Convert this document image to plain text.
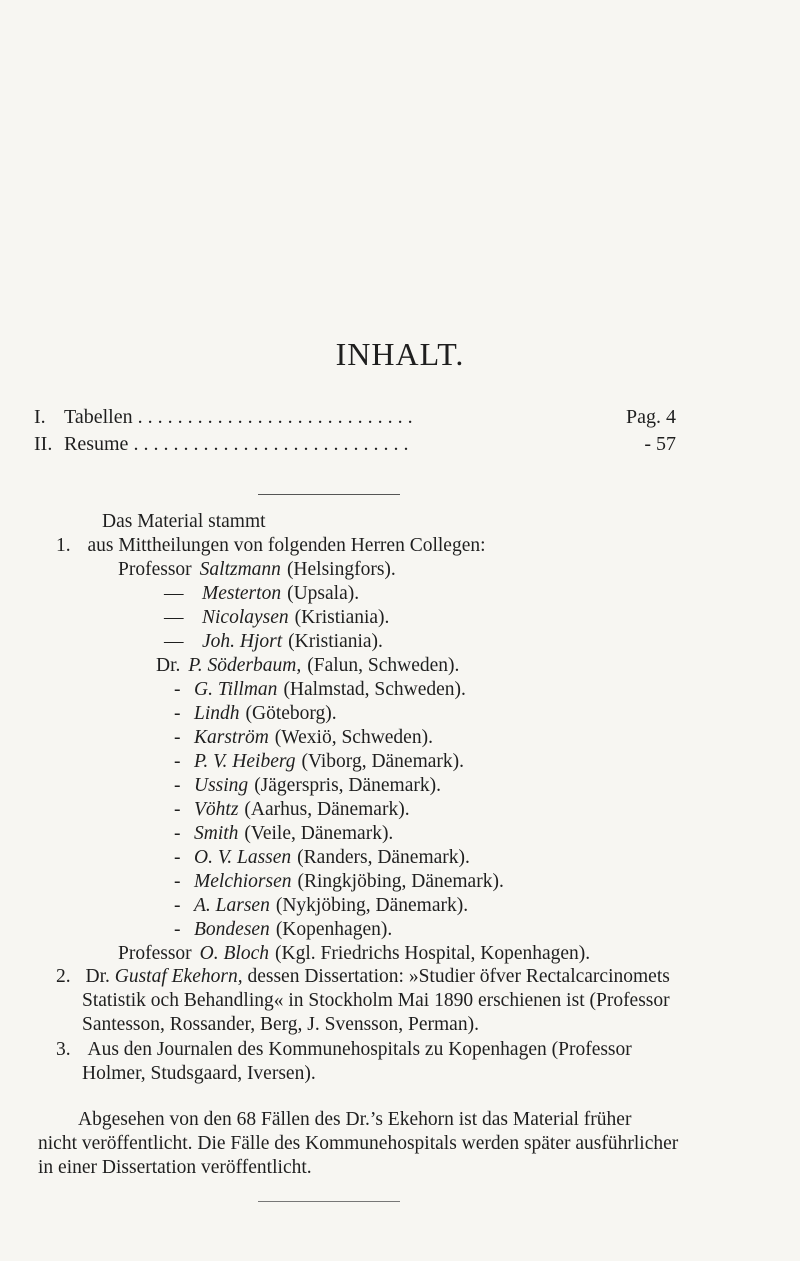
INHALT.
I. Tabellen . . . . . . . . . . . . . . . . . . . . . . . . . . . .	Pag. 4
II. Resume . . . . . . . . . . . . . . . . . . . . . . . . . . . .	- 57
Das Material stammt
1. aus Mittheilungen von folgenden Herren Collegen:
Professor Saltzmann (Helsingfors).
— Mesterton (Upsala).
— Nicolaysen (Kristiania).
— Joh. Hjort (Kristiania).
Dr. P. Söderbaum, (Falun, Schweden).
- G. Tillman (Halmstad, Schweden).
- Lindh (Göteborg).
- Karström (Wexiö, Schweden).
- P. V. Heiberg (Viborg, Dänemark).
- Ussing (Jägerspris, Dänemark).
- Vöhtz (Aarhus, Dänemark).
- Smith (Veile, Dänemark).
- O. V. Lassen (Randers, Dänemark).
- Melchiorsen (Ringkjöbing, Dänemark).
- A. Larsen (Nykjöbing, Dänemark).
- Bondesen (Kopenhagen).
Professor O. Bloch (Kgl. Friedrichs Hospital, Kopenhagen).
2. Dr. Gustaf Ekehorn, dessen Dissertation: »Studier öfver Rectalcarcinomets
Statistik och Behandling« in Stockholm Mai 1890 erschienen ist (Professor
Santesson, Rossander, Berg, J. Svensson, Perman).
3. Aus den Journalen des Kommunehospitals zu Kopenhagen (Professor
Holmer, Studsgaard, Iversen).
Abgesehen von den 68 Fällen des Dr.’s Ekehorn ist das Material früher
nicht veröffentlicht. Die Fälle des Kommunehospitals werden später ausführlicher
in einer Dissertation veröffentlicht.
